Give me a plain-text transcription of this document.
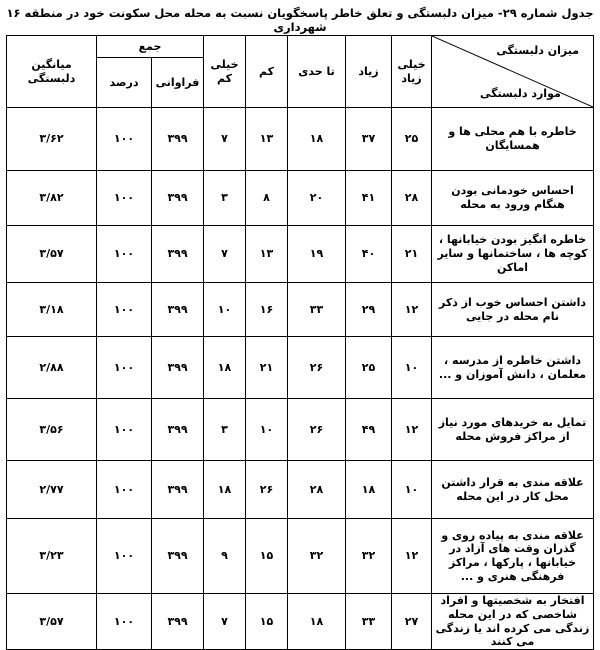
جدول شماره ۲۹- میزان دلبستگی و تعلق خاطر پاسخگویان نسبت به محله محل سکونت خود در منطقه ۱۶ شهرداری
میزان دلبستگی
موارد دلبستگی	خیلی زیاد	زیاد	تا حدی	کم	خیلی کم	جمع		میانگین دلبستگی
						فراوانی	درصد	
خاطره با هم محلی ها و همسایگان	۲۵	۳۷	۱۸	۱۳	۷	۳۹۹	۱۰۰	۳/۶۲
احساس خودمانی بودن هنگام ورود به محله	۲۸	۴۱	۲۰	۸	۳	۳۹۹	۱۰۰	۳/۸۲
خاطره انگیز بودن خیابانها ، کوچه ها ، ساختمانها و سایر اماکن	۲۱	۴۰	۱۹	۱۳	۷	۳۹۹	۱۰۰	۳/۵۷
داشتن احساس خوب از ذکر نام محله در جایی	۱۲	۲۹	۳۳	۱۶	۱۰	۳۹۹	۱۰۰	۳/۱۸
داشتن خاطره از مدرسه ، معلمان ، دانش آموزان و ...	۱۰	۲۵	۲۶	۲۱	۱۸	۳۹۹	۱۰۰	۲/۸۸
تمایل به خریدهای مورد نیاز از مراکز فروش محله	۱۲	۴۹	۲۶	۱۰	۳	۳۹۹	۱۰۰	۳/۵۶
علاقه مندی به قرار داشتن محل کار در این محله	۱۰	۱۸	۲۸	۲۶	۱۸	۳۹۹	۱۰۰	۲/۷۷
علاقه مندی به پیاده روی و گذران وقت های آزاد در خیابانها ، پارکها ، مراکز فرهنگی هنری و ...	۱۲	۳۲	۳۲	۱۵	۹	۳۹۹	۱۰۰	۳/۲۳
افتخار به شخصیتها و افراد شاخصی که در این محله زندگی می کرده اند یا زندگی می کنند	۲۷	۳۳	۱۸	۱۵	۷	۳۹۹	۱۰۰	۳/۵۷
